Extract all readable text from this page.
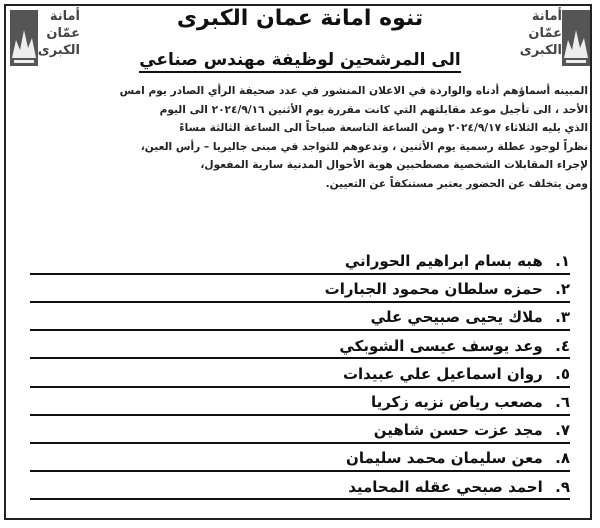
أمانة
عمّان
الكبرى
أمانة
عمّان
الكبرى
تنوه امانة عمان الكبرى
الى المرشحين لوظيفة مهندس صناعي
المبينه أسماؤهم أدناه والواردة في الاعلان المنشور في عدد صحيفة الرأي الصادر يوم امس
الأحد ، الى تأجيل موعد مقابلتهم التي كانت مقررة يوم الأثنين ٢٠٢٤/٩/١٦ الى اليوم
الذي يليه الثلاثاء ٢٠٢٤/٩/١٧ ومن الساعة التاسعة صباحاً الى الساعة الثالثة مساءً
نظراً لوجود عطلة رسمية يوم الأثنين ، وتدعوهم للتواجد في مبنى جاليريا – رأس العين،
لإجراء المقابلات الشخصية مصطحبين هوية الأحوال المدنية سارية المفعول،
ومن يتخلف عن الحضور يعتبر مستنكفاً عن التعيين.
١. هبه بسام ابراهيم الحوراني
٢. حمزه سلطان محمود الجبارات
٣. ملاك يحيى صبيحي علي
٤. وعد يوسف عيسى الشوبكي
٥. روان اسماعيل علي عبيدات
٦. مصعب رياض نزيه زكريا
٧. مجد عزت حسن شاهين
٨. معن سليمان محمد سليمان
٩. احمد صبحي عقله المحاميد
